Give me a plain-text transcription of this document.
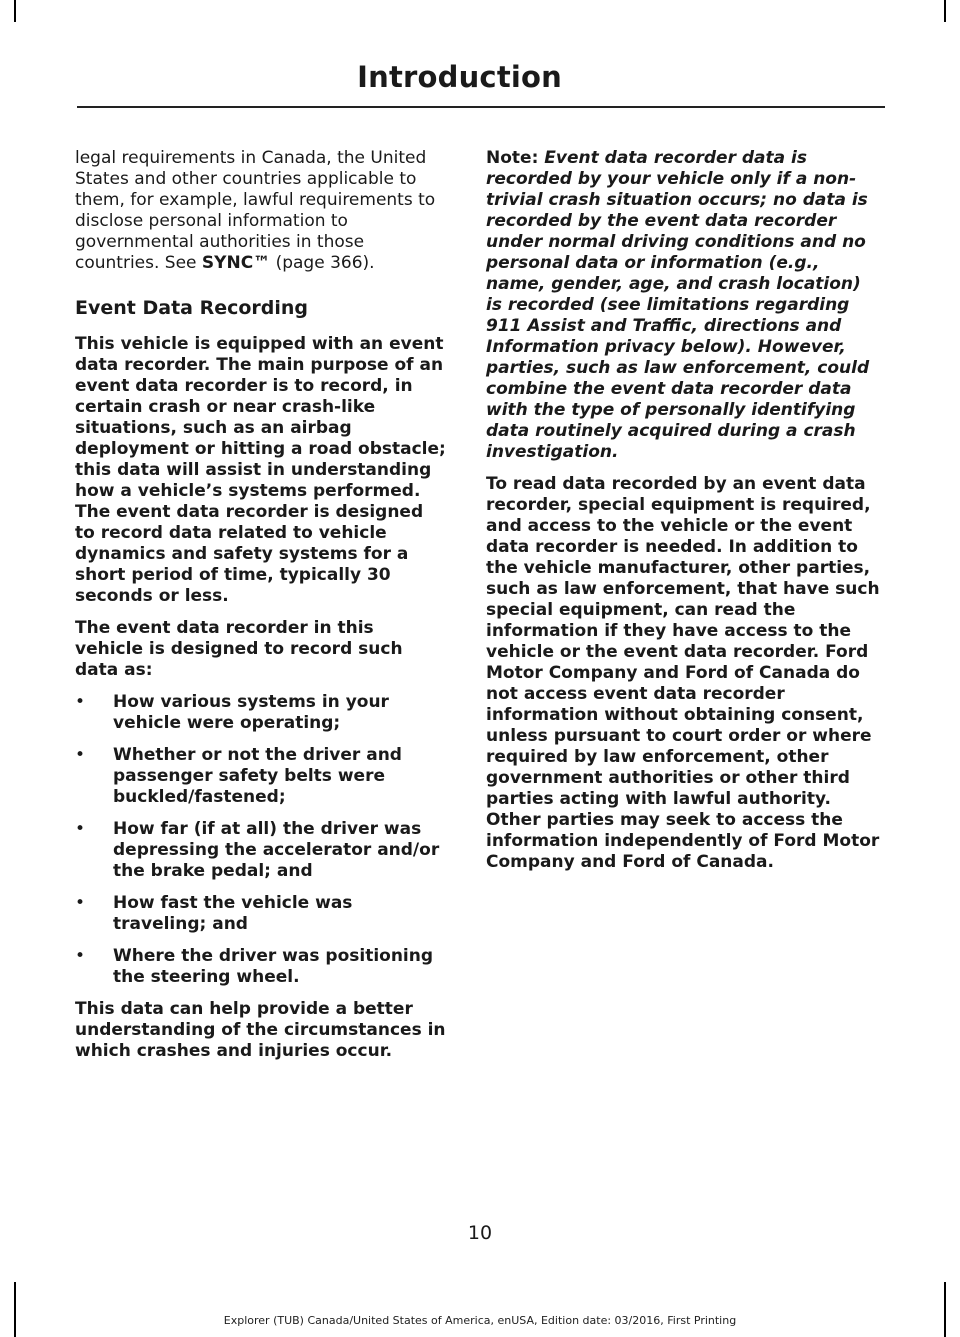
Introduction

legal requirements in Canada, the United States and other countries applicable to them, for example, lawful requirements to disclose personal information to governmental authorities in those countries. See SYNC™ (page 366).

Event Data Recording

This vehicle is equipped with an event data recorder. The main purpose of an event data recorder is to record, in certain crash or near crash-like situations, such as an airbag deployment or hitting a road obstacle; this data will assist in understanding how a vehicle’s systems performed. The event data recorder is designed to record data related to vehicle dynamics and safety systems for a short period of time, typically 30 seconds or less.

The event data recorder in this vehicle is designed to record such data as:

• How various systems in your vehicle were operating;
• Whether or not the driver and passenger safety belts were buckled/fastened;
• How far (if at all) the driver was depressing the accelerator and/or the brake pedal; and
• How fast the vehicle was traveling; and
• Where the driver was positioning the steering wheel.

This data can help provide a better understanding of the circumstances in which crashes and injuries occur.

Note: Event data recorder data is recorded by your vehicle only if a non-trivial crash situation occurs; no data is recorded by the event data recorder under normal driving conditions and no personal data or information (e.g., name, gender, age, and crash location) is recorded (see limitations regarding 911 Assist and Traffic, directions and Information privacy below). However, parties, such as law enforcement, could combine the event data recorder data with the type of personally identifying data routinely acquired during a crash investigation.

To read data recorded by an event data recorder, special equipment is required, and access to the vehicle or the event data recorder is needed. In addition to the vehicle manufacturer, other parties, such as law enforcement, that have such special equipment, can read the information if they have access to the vehicle or the event data recorder. Ford Motor Company and Ford of Canada do not access event data recorder information without obtaining consent, unless pursuant to court order or where required by law enforcement, other government authorities or other third parties acting with lawful authority. Other parties may seek to access the information independently of Ford Motor Company and Ford of Canada.

10
Explorer (TUB) Canada/United States of America, enUSA, Edition date: 03/2016, First Printing
